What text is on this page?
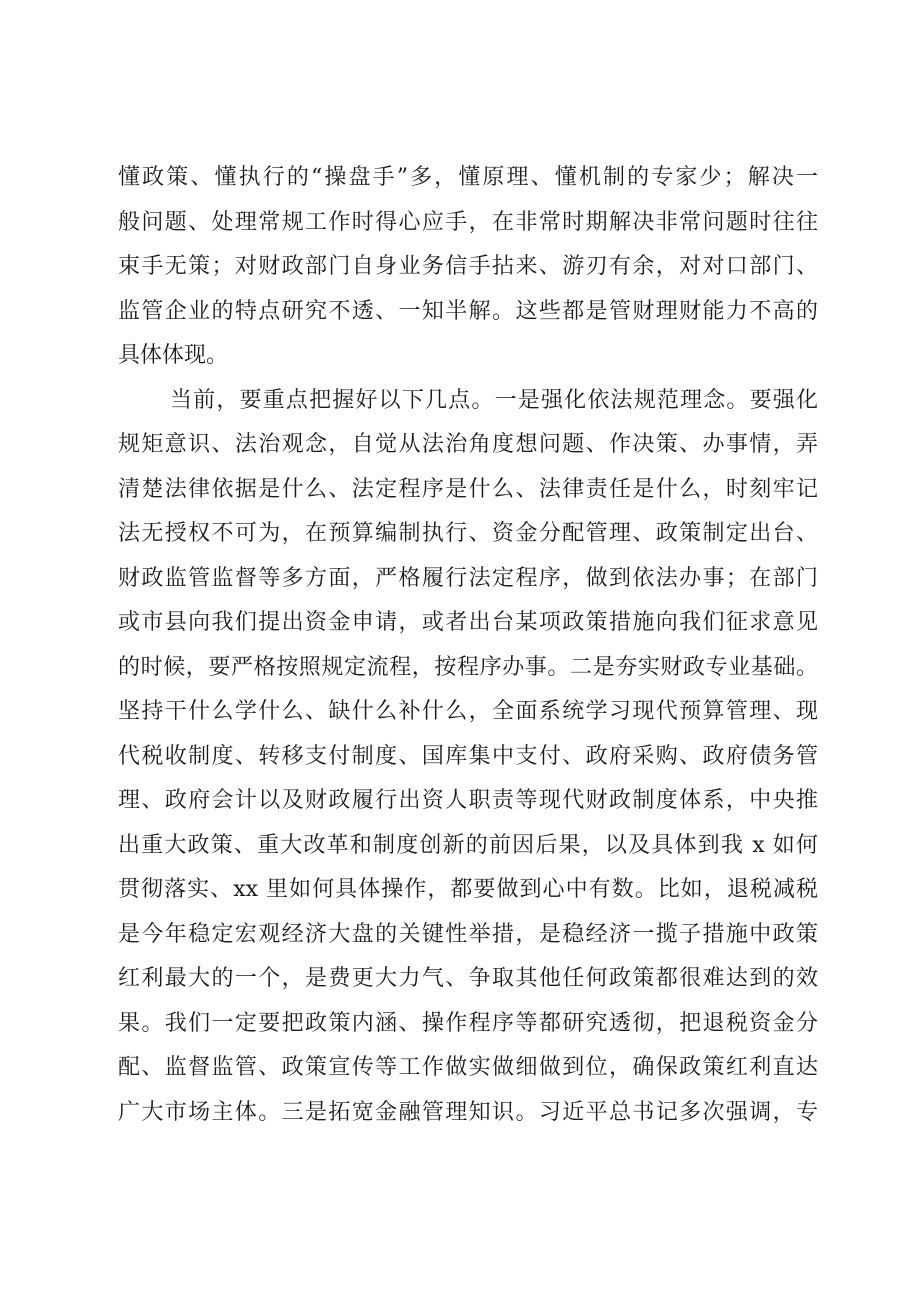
懂政策、懂执行的“操盘手”多，懂原理、懂机制的专家少；解决一
般问题、处理常规工作时得心应手，在非常时期解决非常问题时往往
束手无策；对财政部门自身业务信手拈来、游刃有余，对对口部门、
监管企业的特点研究不透、一知半解。这些都是管财理财能力不高的
具体体现。
当前，要重点把握好以下几点。一是强化依法规范理念。要强化
规矩意识、法治观念，自觉从法治角度想问题、作决策、办事情，弄
清楚法律依据是什么、法定程序是什么、法律责任是什么，时刻牢记
法无授权不可为，在预算编制执行、资金分配管理、政策制定出台、
财政监管监督等多方面，严格履行法定程序，做到依法办事；在部门
或市县向我们提出资金申请，或者出台某项政策措施向我们征求意见
的时候，要严格按照规定流程，按程序办事。二是夯实财政专业基础。
坚持干什么学什么、缺什么补什么，全面系统学习现代预算管理、现
代税收制度、转移支付制度、国库集中支付、政府采购、政府债务管
理、政府会计以及财政履行出资人职责等现代财政制度体系，中央推
出重大政策、重大改革和制度创新的前因后果，以及具体到我 x 如何
贯彻落实、xx 里如何具体操作，都要做到心中有数。比如，退税减税
是今年稳定宏观经济大盘的关键性举措，是稳经济一揽子措施中政策
红利最大的一个，是费更大力气、争取其他任何政策都很难达到的效
果。我们一定要把政策内涵、操作程序等都研究透彻，把退税资金分
配、监督监管、政策宣传等工作做实做细做到位，确保政策红利直达
广大市场主体。三是拓宽金融管理知识。习近平总书记多次强调，专
